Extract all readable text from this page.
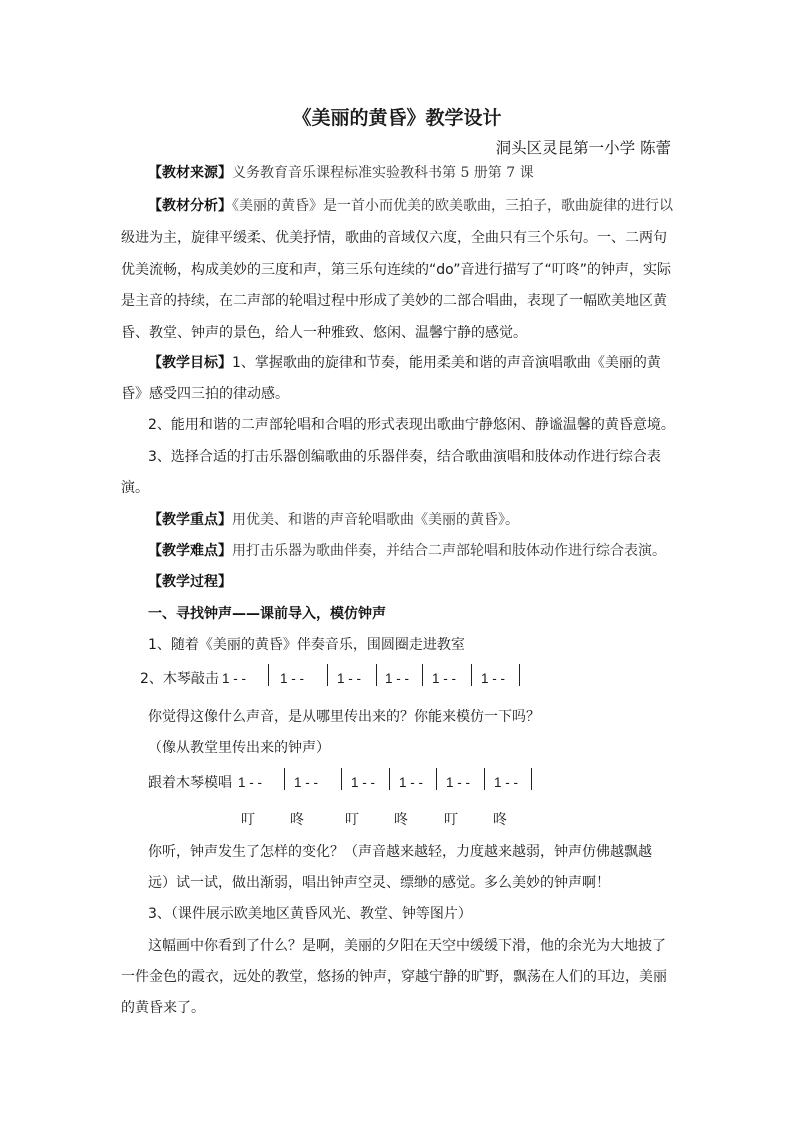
《美丽的黄昏》教学设计
洞头区灵昆第一小学 陈蕾
【教材来源】义务教育音乐课程标准实验教科书第 5 册第 7 课
【教材分析】《美丽的黄昏》是一首小而优美的欧美歌曲，三拍子，歌曲旋律的进行以
级进为主，旋律平缓柔、优美抒情，歌曲的音域仅六度，全曲只有三个乐句。一、二两句
优美流畅，构成美妙的三度和声，第三乐句连续的“do”音进行描写了“叮咚”的钟声，实际
是主音的持续，在二声部的轮唱过程中形成了美妙的二部合唱曲，表现了一幅欧美地区黄
昏、教堂、钟声的景色，给人一种雅致、悠闲、温馨宁静的感觉。
【教学目标】1、掌握歌曲的旋律和节奏，能用柔美和谐的声音演唱歌曲《美丽的黄
昏》感受四三拍的律动感。
2、能用和谐的二声部轮唱和合唱的形式表现出歌曲宁静悠闲、静谧温馨的黄昏意境。
3、选择合适的打击乐器创编歌曲的乐器伴奏，结合歌曲演唱和肢体动作进行综合表
演。
【教学重点】用优美、和谐的声音轮唱歌曲《美丽的黄昏》。
【教学难点】用打击乐器为歌曲伴奏，并结合二声部轮唱和肢体动作进行综合表演。
【教学过程】
一、寻找钟声——课前导入，模仿钟声
1、随着《美丽的黄昏》伴奏音乐，围圆圈走进教室
2、木琴敲击 1 - -	1 - - 1 - - 1 - - 1 - - 1 - -
你觉得这像什么声音，是从哪里传出来的？你能来模仿一下吗？
（像从教堂里传出来的钟声）
跟着木琴模唱 1 - - 1 - - 1 - - 1 - - 1 - - 1 - -
叮	咚	叮	咚	叮	咚
你听，钟声发生了怎样的变化？（声音越来越轻，力度越来越弱，钟声仿佛越飘越
远）试一试，做出渐弱，唱出钟声空灵、缥缈的感觉。多么美妙的钟声啊！
3、（课件展示欧美地区黄昏风光、教堂、钟等图片）
这幅画中你看到了什么？是啊，美丽的夕阳在天空中缓缓下滑，他的余光为大地披了
一件金色的霞衣，远处的教堂，悠扬的钟声，穿越宁静的旷野，飘荡在人们的耳边，美丽
的黄昏来了。
